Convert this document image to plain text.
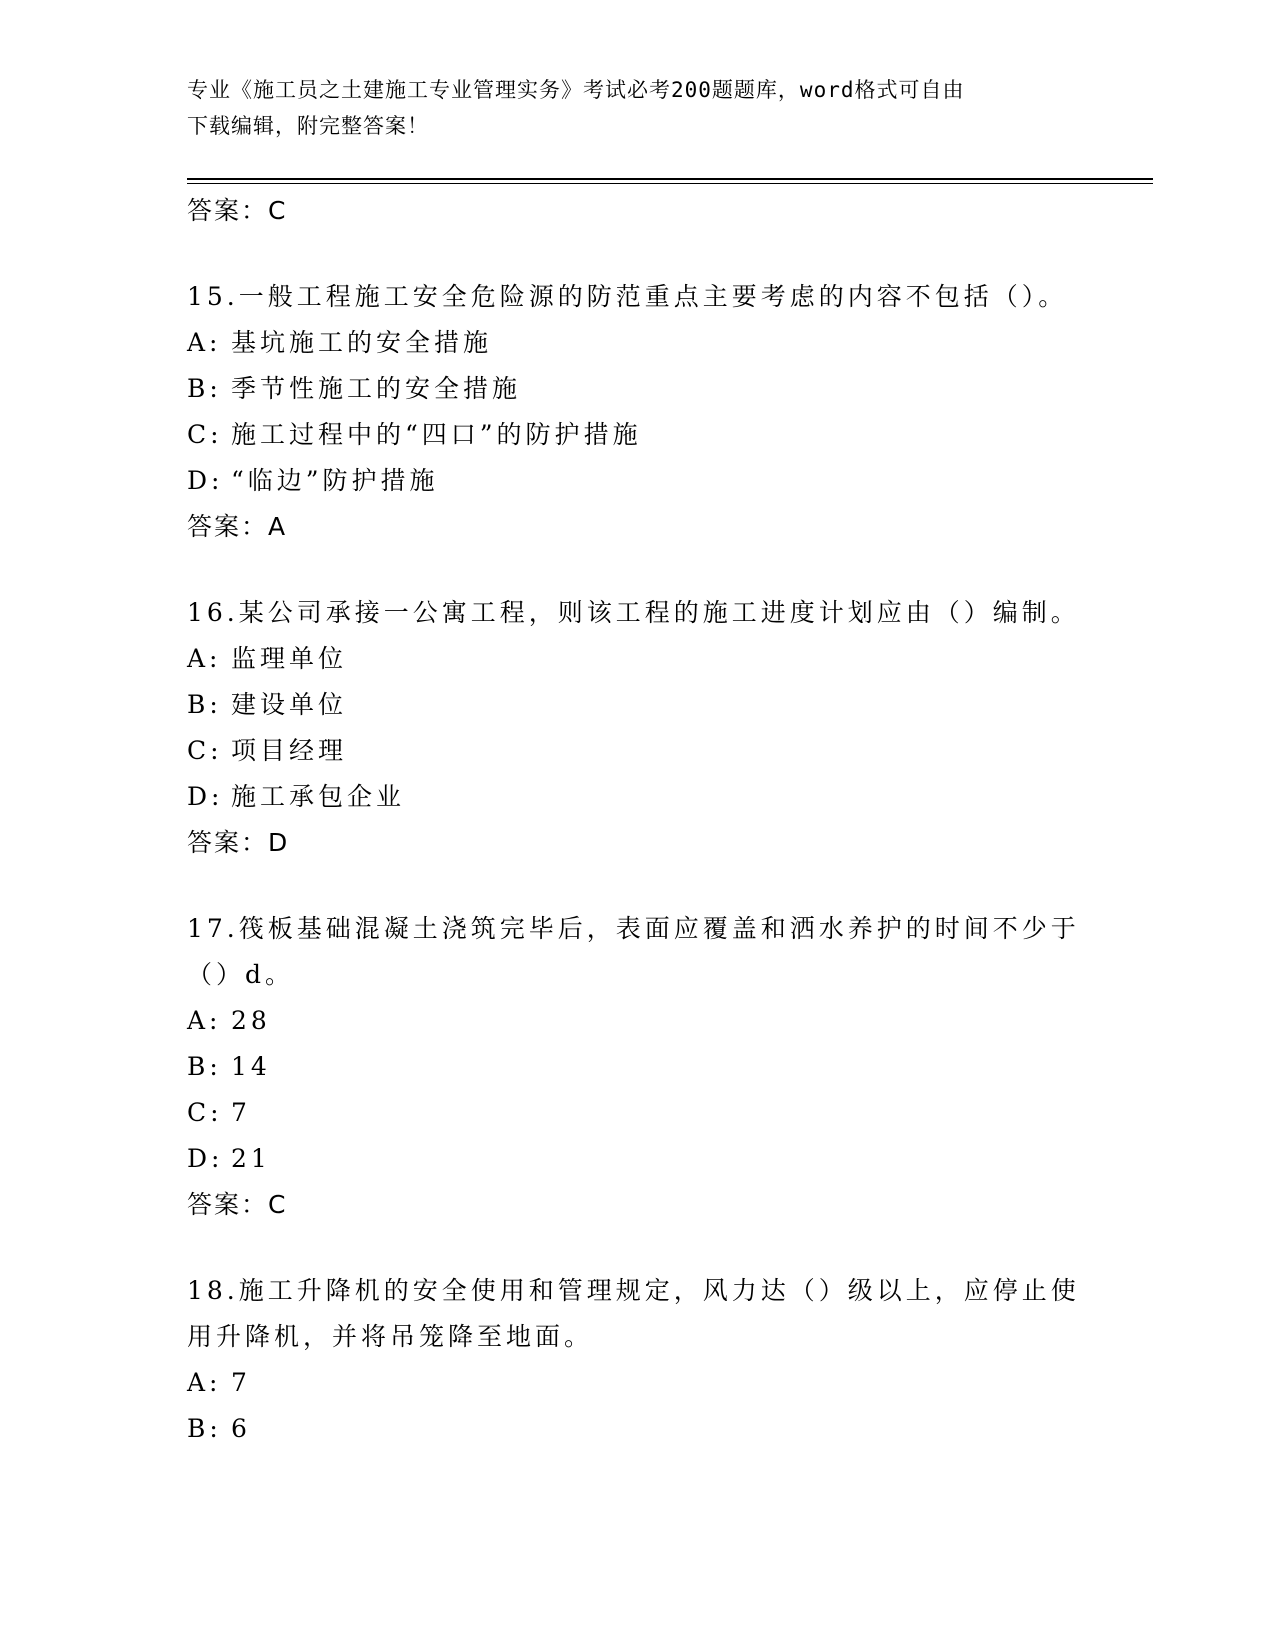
专业《施工员之土建施工专业管理实务》考试必考200题题库，word格式可自由
下载编辑，附完整答案！
答案：C
15.一般工程施工安全危险源的防范重点主要考虑的内容不包括（）。
A: 基坑施工的安全措施
B: 季节性施工的安全措施
C: 施工过程中的“四口”的防护措施
D: “临边”防护措施
答案：A
16.某公司承接一公寓工程，则该工程的施工进度计划应由（）编制。
A: 监理单位
B: 建设单位
C: 项目经理
D: 施工承包企业
答案：D
17.筏板基础混凝土浇筑完毕后，表面应覆盖和洒水养护的时间不少于（）d。
A: 28
B: 14
C: 7
D: 21
答案：C
18.施工升降机的安全使用和管理规定，风力达（）级以上，应停止使用升降机，并将吊笼降至地面。
A: 7
B: 6
